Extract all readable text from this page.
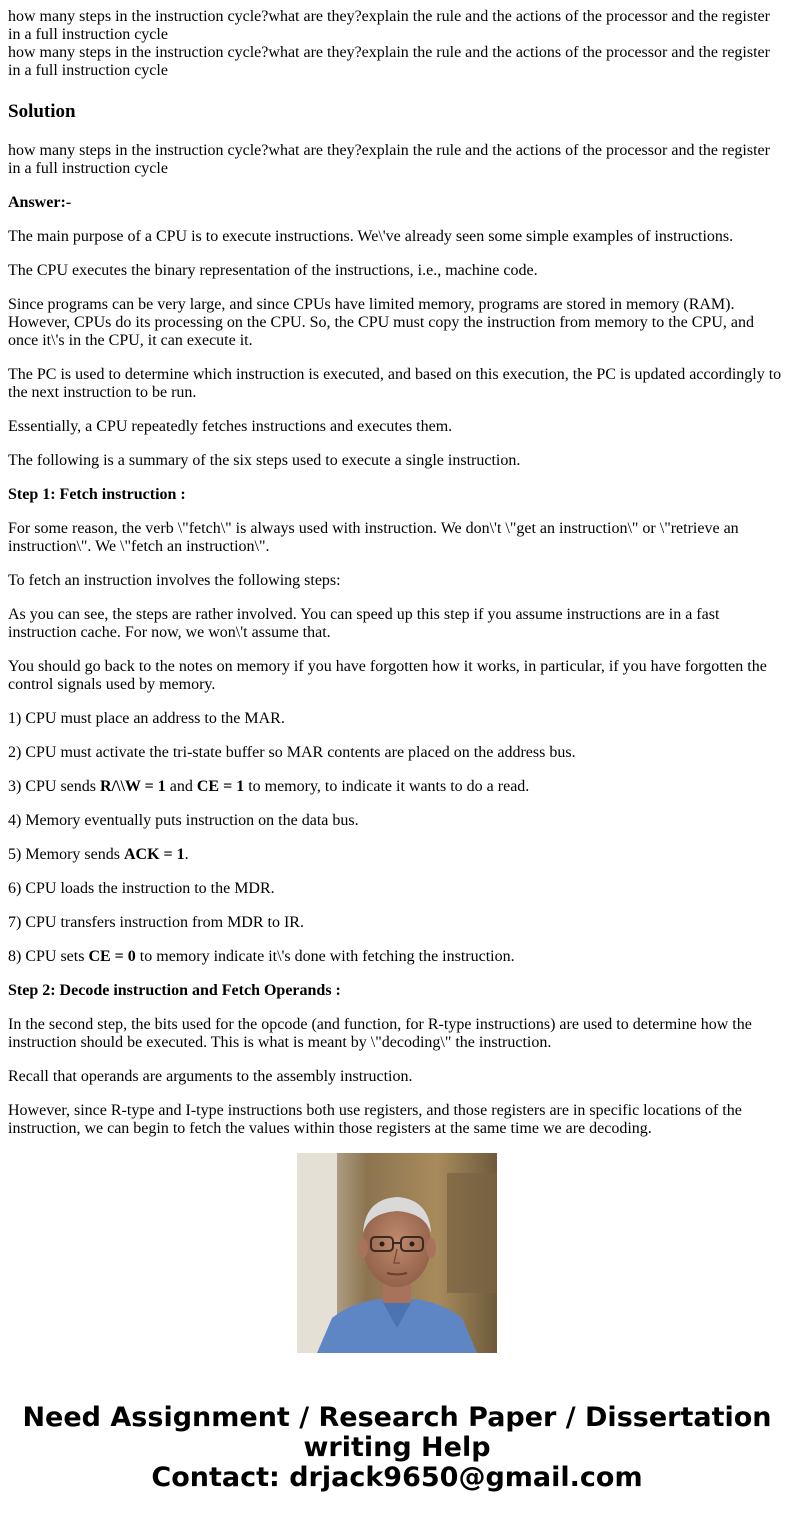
how many steps in the instruction cycle?what are they?explain the rule and the actions of the processor and the register in a full instruction cycle
how many steps in the instruction cycle?what are they?explain the rule and the actions of the processor and the register in a full instruction cycle
Solution

how many steps in the instruction cycle?what are they?explain the rule and the actions of the processor and the register in a full instruction cycle

Answer:-

The main purpose of a CPU is to execute instructions. We\'ve already seen some simple examples of instructions.

The CPU executes the binary representation of the instructions, i.e., machine code.

Since programs can be very large, and since CPUs have limited memory, programs are stored in memory (RAM). However, CPUs do its processing on the CPU. So, the CPU must copy the instruction from memory to the CPU, and once it\'s in the CPU, it can execute it.

The PC is used to determine which instruction is executed, and based on this execution, the PC is updated accordingly to the next instruction to be run.

Essentially, a CPU repeatedly fetches instructions and executes them.

The following is a summary of the six steps used to execute a single instruction.

Step 1: Fetch instruction :

For some reason, the verb \"fetch\" is always used with instruction. We don\'t \"get an instruction\" or \"retrieve an instruction\". We \"fetch an instruction\".

To fetch an instruction involves the following steps:

As you can see, the steps are rather involved. You can speed up this step if you assume instructions are in a fast instruction cache. For now, we won\'t assume that.

You should go back to the notes on memory if you have forgotten how it works, in particular, if you have forgotten the control signals used by memory.

1) CPU must place an address to the MAR.

2) CPU must activate the tri-state buffer so MAR contents are placed on the address bus.

3) CPU sends R/\\W = 1 and CE = 1 to memory, to indicate it wants to do a read.

4) Memory eventually puts instruction on the data bus.

5) Memory sends ACK = 1.

6) CPU loads the instruction to the MDR.

7) CPU transfers instruction from MDR to IR.

8) CPU sets CE = 0 to memory indicate it\'s done with fetching the instruction.

Step 2: Decode instruction and Fetch Operands :

In the second step, the bits used for the opcode (and function, for R-type instructions) are used to determine how the instruction should be executed. This is what is meant by \"decoding\" the instruction.

Recall that operands are arguments to the assembly instruction.

However, since R-type and I-type instructions both use registers, and those registers are in specific locations of the instruction, we can begin to fetch the values within those registers at the same time we are decoding.

Need Assignment / Research Paper / Dissertation
writing Help
Contact: drjack9650@gmail.com
